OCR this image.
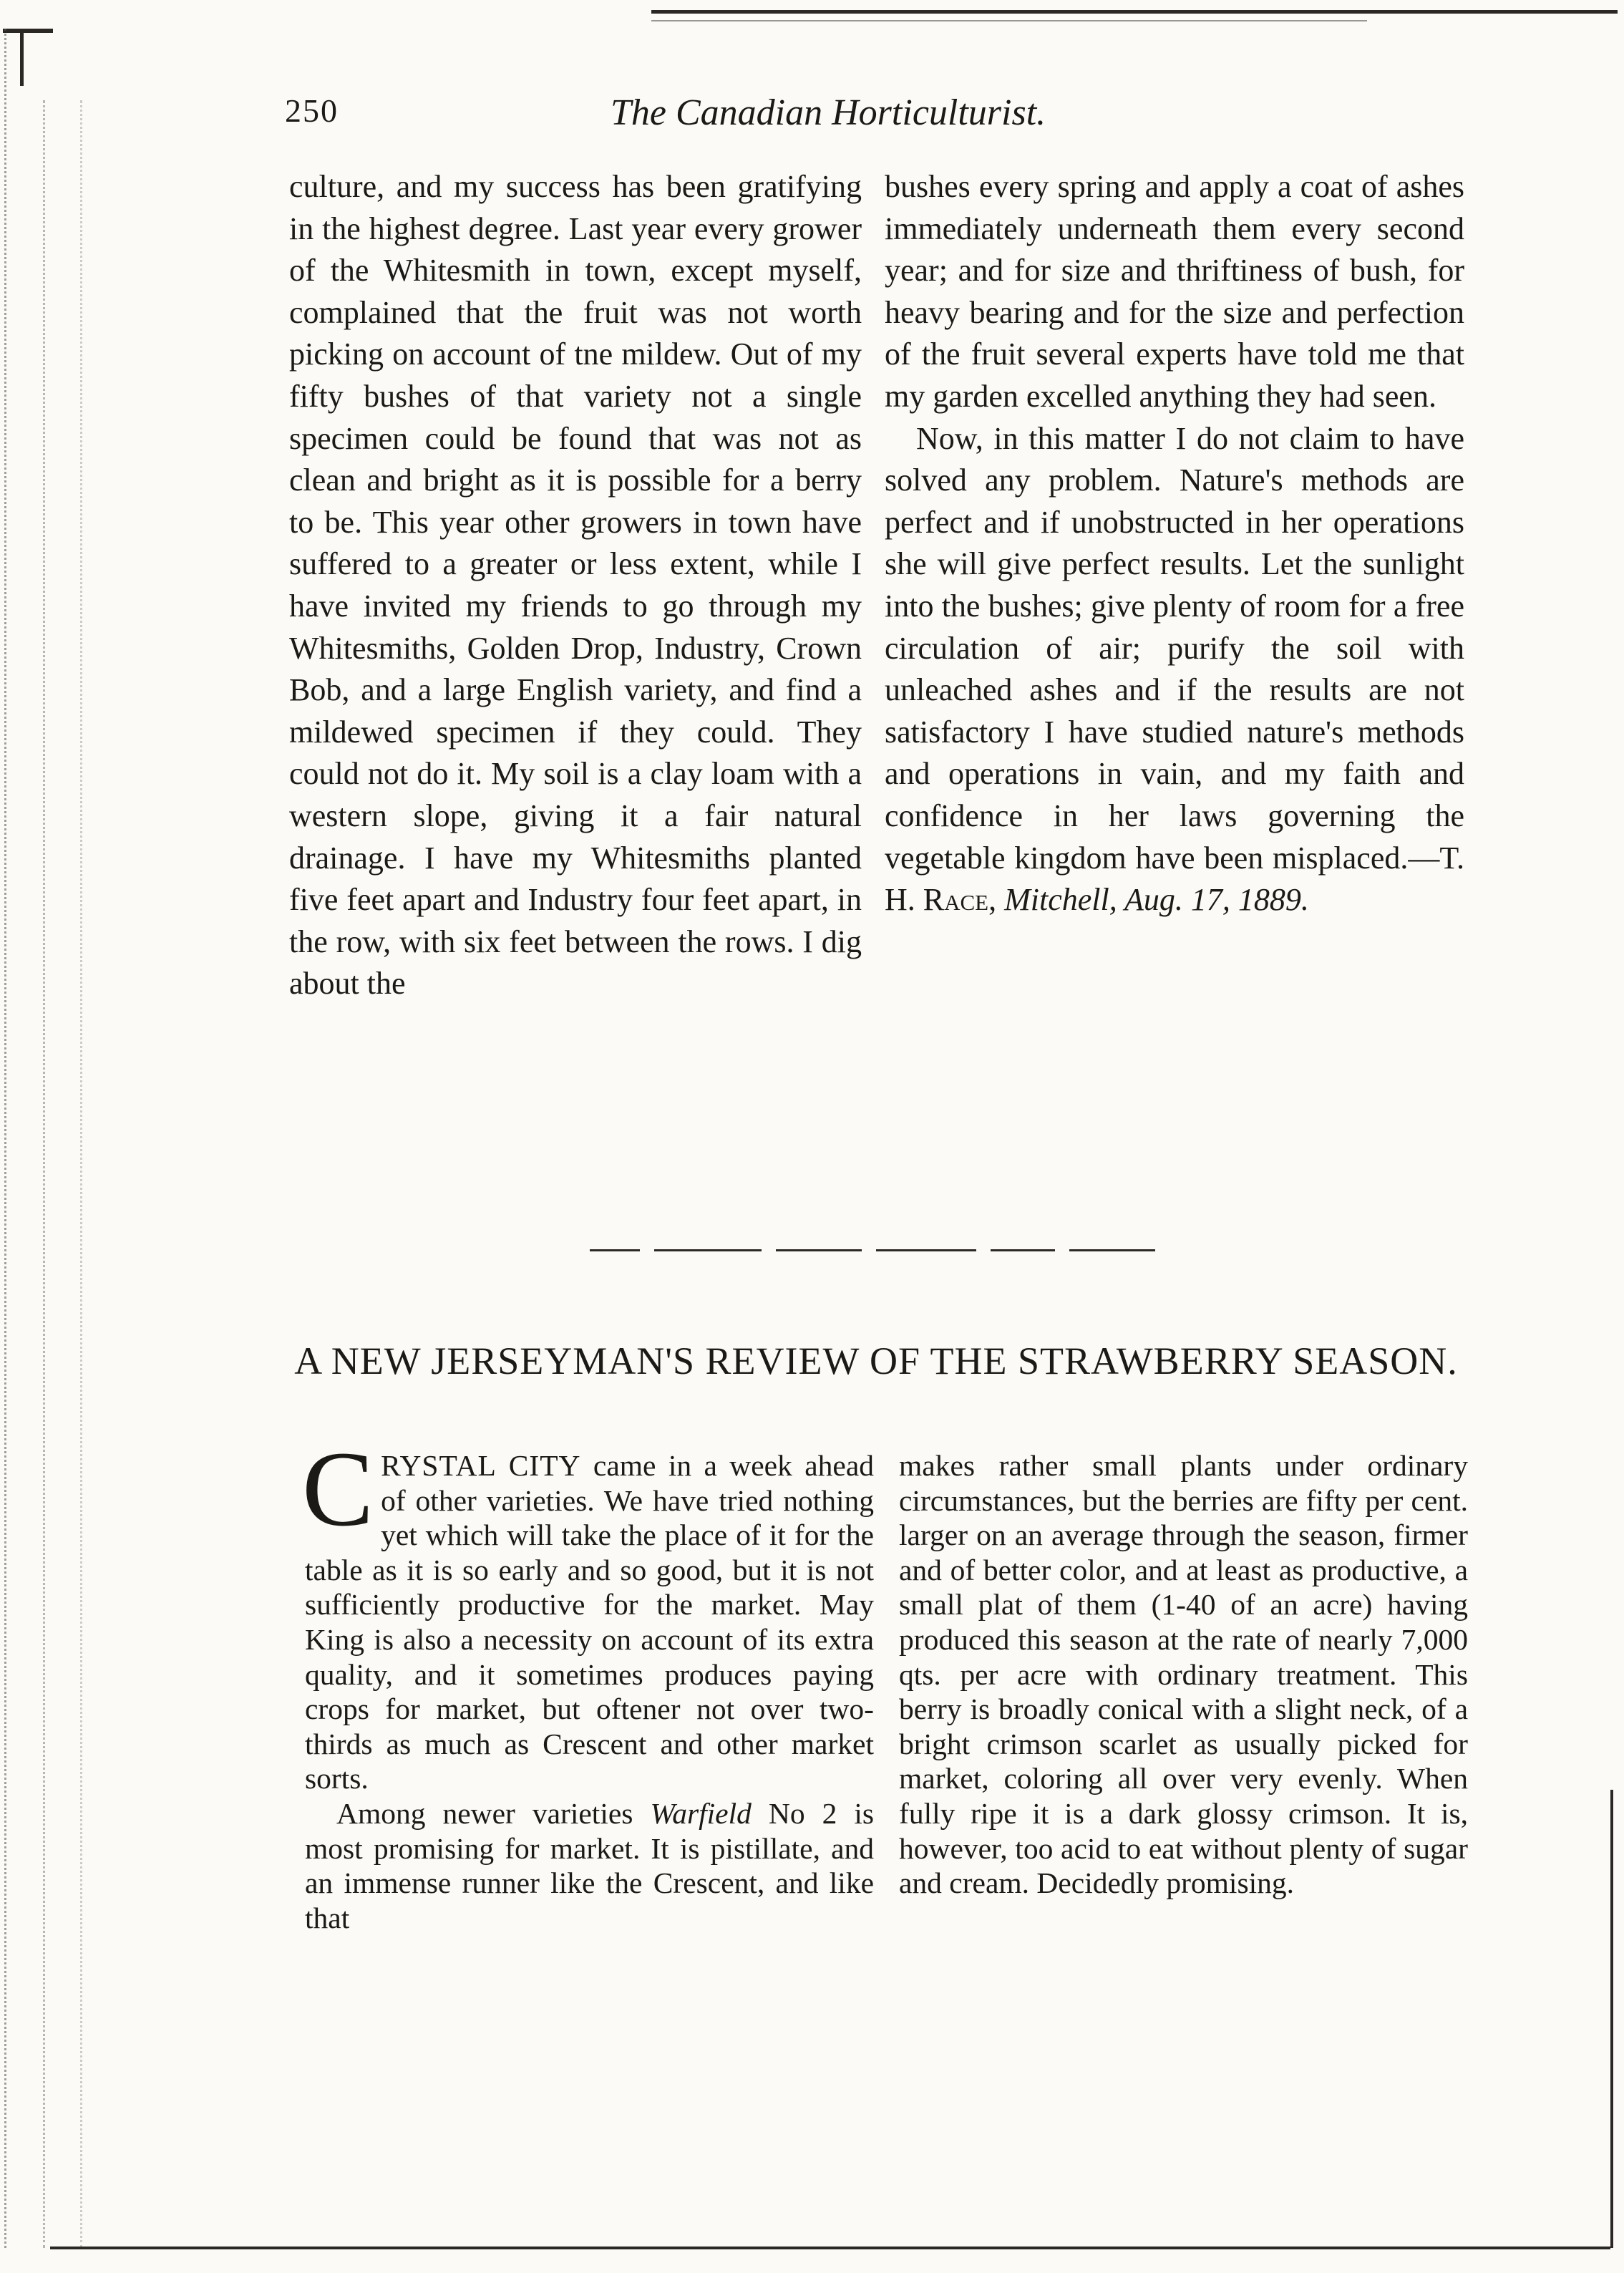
250	The Canadian Horticulturist.

culture, and my success has been gratifying in the highest degree. Last year every grower of the Whitesmith in town, except myself, complained that the fruit was not worth picking on account of tne mildew. Out of my fifty bushes of that variety not a single specimen could be found that was not as clean and bright as it is possible for a berry to be. This year other growers in town have suffered to a greater or less extent, while I have invited my friends to go through my Whitesmiths, Golden Drop, Industry, Crown Bob, and a large English variety, and find a mildewed specimen if they could. They could not do it. My soil is a clay loam with a western slope, giving it a fair natural drainage. I have my Whitesmiths planted five feet apart and Industry four feet apart, in the row, with six feet between the rows. I dig about the

bushes every spring and apply a coat of ashes immediately underneath them every second year; and for size and thriftiness of bush, for heavy bearing and for the size and perfection of the fruit several experts have told me that my garden excelled anything they had seen.

Now, in this matter I do not claim to have solved any problem. Nature's methods are perfect and if unobstructed in her operations she will give perfect results. Let the sunlight into the bushes; give plenty of room for a free circulation of air; purify the soil with unleached ashes and if the results are not satisfactory I have studied nature's methods and operations in vain, and my faith and confidence in her laws governing the vegetable kingdom have been misplaced.—T. H. Race, Mitchell, Aug. 17, 1889.

A NEW JERSEYMAN'S REVIEW OF THE STRAWBERRY SEASON.

CRYSTAL CITY came in a week ahead of other varieties. We have tried nothing yet which will take the place of it for the table as it is so early and so good, but it is not sufficiently productive for the market. May King is also a necessity on account of its extra quality, and it sometimes produces paying crops for market, but oftener not over two-thirds as much as Crescent and other market sorts.

Among newer varieties Warfield No 2 is most promising for market. It is pistillate, and an immense runner like the Crescent, and like that

makes rather small plants under ordinary circumstances, but the berries are fifty per cent. larger on an average through the season, firmer and of better color, and at least as productive, a small plat of them (1-40 of an acre) having produced this season at the rate of nearly 7,000 qts. per acre with ordinary treatment. This berry is broadly conical with a slight neck, of a bright crimson scarlet as usually picked for market, coloring all over very evenly. When fully ripe it is a dark glossy crimson. It is, however, too acid to eat without plenty of sugar and cream. Decidedly promising.
